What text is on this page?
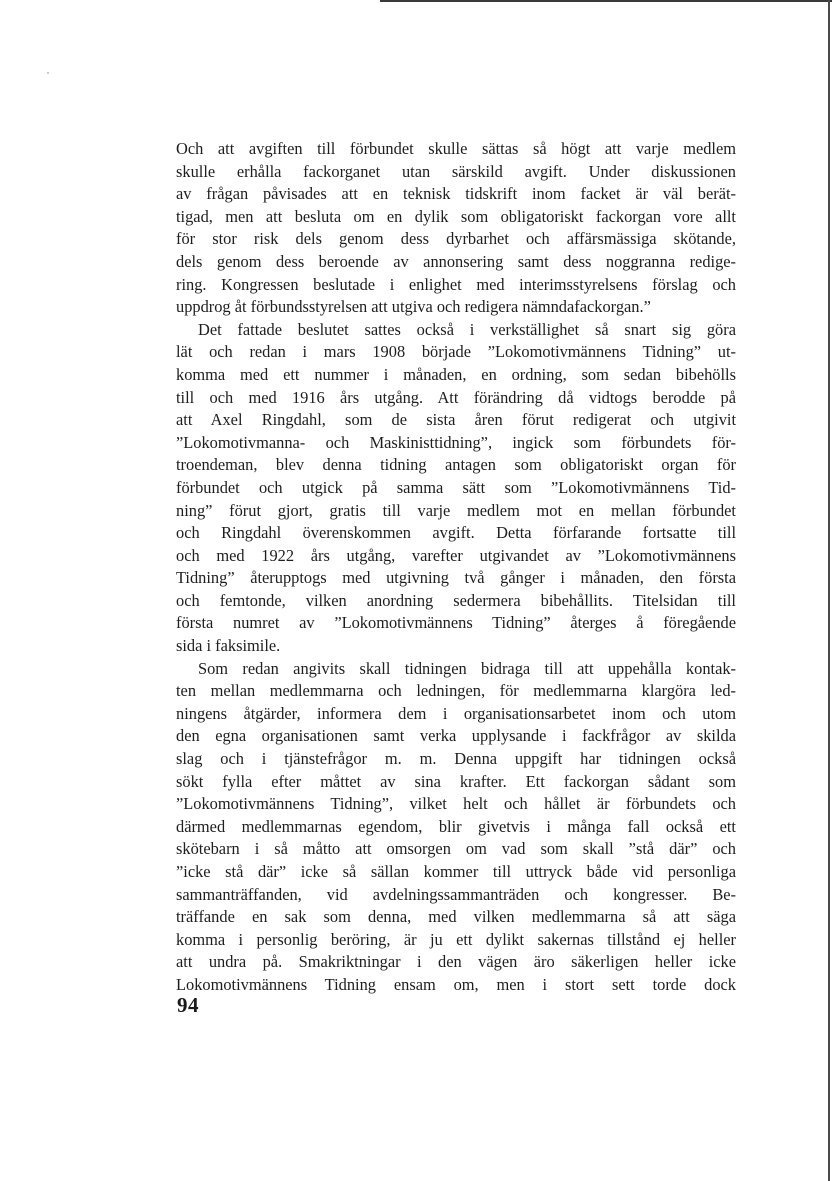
Och att avgiften till förbundet skulle sättas så högt att varje medlem
skulle erhålla fackorganet utan särskild avgift. Under diskussionen
av frågan påvisades att en teknisk tidskrift inom facket är väl berät-
tigad, men att besluta om en dylik som obligatoriskt fackorgan vore allt
för stor risk dels genom dess dyrbarhet och affärsmässiga skötande,
dels genom dess beroende av annonsering samt dess noggranna redige-
ring. Kongressen beslutade i enlighet med interimsstyrelsens förslag och
uppdrog åt förbundsstyrelsen att utgiva och redigera nämndafackorgan.”
Det fattade beslutet sattes också i verkställighet så snart sig göra
lät och redan i mars 1908 började ”Lokomotivmännens Tidning” ut-
komma med ett nummer i månaden, en ordning, som sedan bibehölls
till och med 1916 års utgång. Att förändring då vidtogs berodde på
att Axel Ringdahl, som de sista åren förut redigerat och utgivit
”Lokomotivmanna- och Maskinisttidning”, ingick som förbundets för-
troendeman, blev denna tidning antagen som obligatoriskt organ för
förbundet och utgick på samma sätt som ”Lokomotivmännens Tid-
ning” förut gjort, gratis till varje medlem mot en mellan förbundet
och Ringdahl överenskommen avgift. Detta förfarande fortsatte till
och med 1922 års utgång, varefter utgivandet av ”Lokomotivmännens
Tidning” återupptogs med utgivning två gånger i månaden, den första
och femtonde, vilken anordning sedermera bibehållits. Titelsidan till
första numret av ”Lokomotivmännens Tidning” återges å föregående
sida i faksimile.
Som redan angivits skall tidningen bidraga till att uppehålla kontak-
ten mellan medlemmarna och ledningen, för medlemmarna klargöra led-
ningens åtgärder, informera dem i organisationsarbetet inom och utom
den egna organisationen samt verka upplysande i fackfrågor av skilda
slag och i tjänstefrågor m. m. Denna uppgift har tidningen också
sökt fylla efter måttet av sina krafter. Ett fackorgan sådant som
”Lokomotivmännens Tidning”, vilket helt och hållet är förbundets och
därmed medlemmarnas egendom, blir givetvis i många fall också ett
skötebarn i så måtto att omsorgen om vad som skall ”stå där” och
”icke stå där” icke så sällan kommer till uttryck både vid personliga
sammanträffanden, vid avdelningssammanträden och kongresser. Be-
träffande en sak som denna, med vilken medlemmarna så att säga
komma i personlig beröring, är ju ett dylikt sakernas tillstånd ej heller
att undra på. Smakriktningar i den vägen äro säkerligen heller icke
Lokomotivmännens Tidning ensam om, men i stort sett torde dock
94
